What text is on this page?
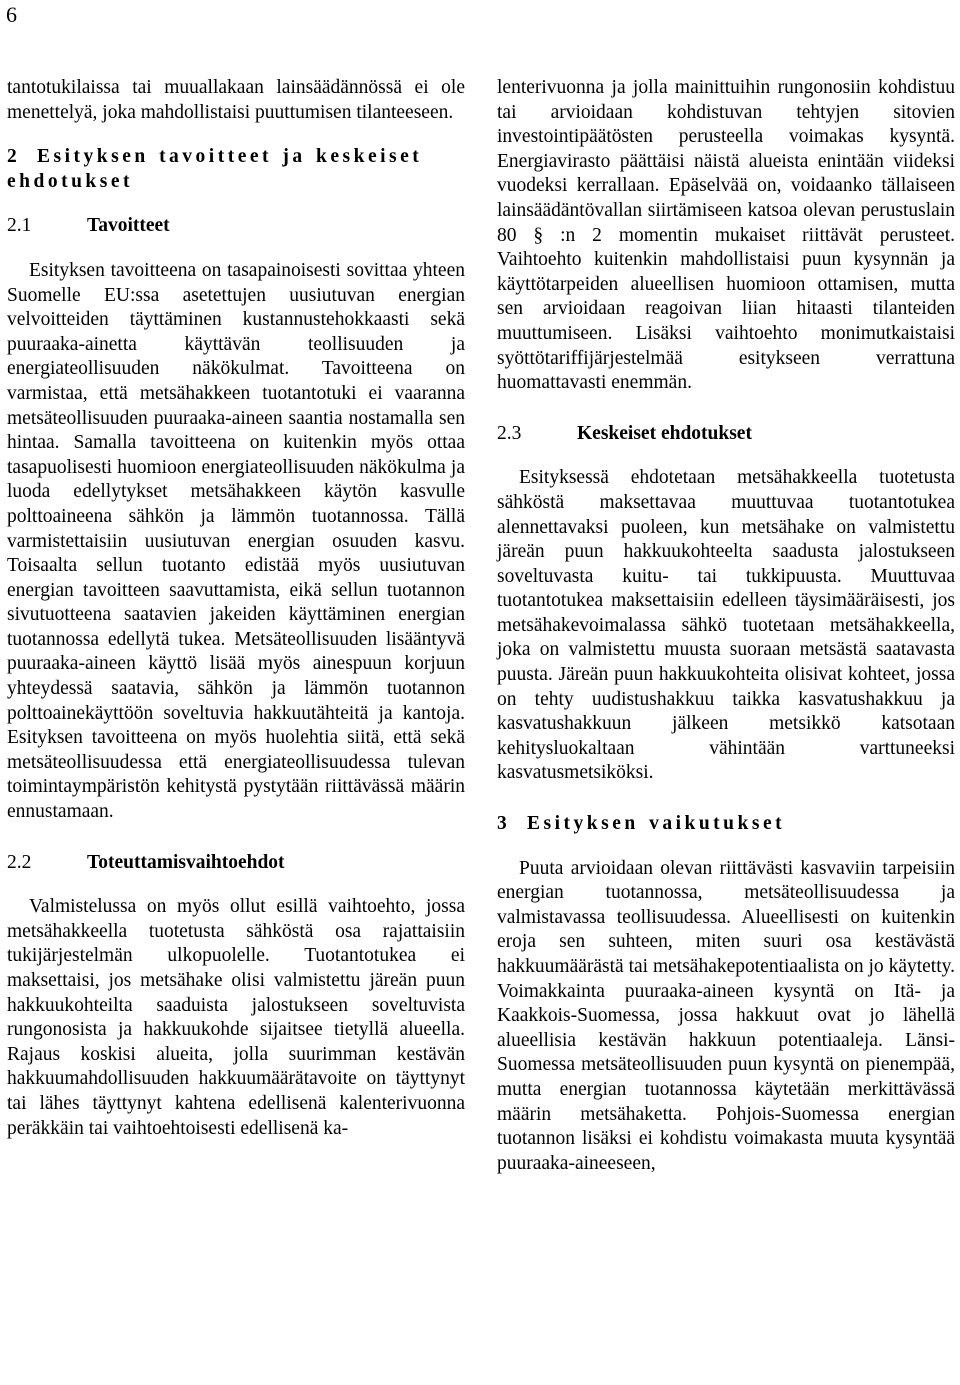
6

tantotukilaissa tai muuallakaan lainsäädännössä ei ole menettelyä, joka mahdollistaisi puuttumisen tilanteeseen.

2 Esityksen tavoitteet ja keskeiset ehdotukset
2.1	Tavoitteet

Esityksen tavoitteena on tasapainoisesti sovittaa yhteen Suomelle EU:ssa asetettujen uusiutuvan energian velvoitteiden täyttäminen kustannustehokkaasti sekä puuraaka-ainetta käyttävän teollisuuden ja energiateollisuuden näkökulmat. Tavoitteena on varmistaa, että metsähakkeen tuotantotuki ei vaaranna metsäteollisuuden puuraaka-aineen saantia nostamalla sen hintaa. Samalla tavoitteena on kuitenkin myös ottaa tasapuolisesti huomioon energiateollisuuden näkökulma ja luoda edellytykset metsähakkeen käytön kasvulle polttoaineena sähkön ja lämmön tuotannossa. Tällä varmistettaisiin uusiutuvan energian osuuden kasvu. Toisaalta sellun tuotanto edistää myös uusiutuvan energian tavoitteen saavuttamista, eikä sellun tuotannon sivutuotteena saatavien jakeiden käyttäminen energian tuotannossa edellytä tukea. Metsäteollisuuden lisääntyvä puuraaka-aineen käyttö lisää myös ainespuun korjuun yhteydessä saatavia, sähkön ja lämmön tuotannon polttoainekäyttöön soveltuvia hakkuutähteitä ja kantoja. Esityksen tavoitteena on myös huolehtia siitä, että sekä metsäteollisuudessa että energiateollisuudessa tulevan toimintaympäristön kehitystä pystytään riittävässä määrin ennustamaan.

2.2	Toteuttamisvaihtoehdot

Valmistelussa on myös ollut esillä vaihtoehto, jossa metsähakkeella tuotetusta sähköstä osa rajattaisiin tukijärjestelmän ulkopuolelle. Tuotantotukea ei maksettaisi, jos metsähake olisi valmistettu järeän puun hakkuukohteilta saaduista jalostukseen soveltuvista rungonosista ja hakkuukohde sijaitsee tietyllä alueella. Rajaus koskisi alueita, jolla suurimman kestävän hakkuumahdollisuuden hakkuumäärätavoite on täyttynyt tai lähes täyttynyt kahtena edellisenä kalenterivuonna peräkkäin tai vaihtoehtoisesti edellisenä ka-

lenterivuonna ja jolla mainittuihin rungonosiin kohdistuu tai arvioidaan kohdistuvan tehtyjen sitovien investointipäätösten perusteella voimakas kysyntä. Energiavirasto päättäisi näistä alueista enintään viideksi vuodeksi kerrallaan. Epäselvää on, voidaanko tällaiseen lainsäädäntövallan siirtämiseen katsoa olevan perustuslain 80 § :n 2 momentin mukaiset riittävät perusteet. Vaihtoehto kuitenkin mahdollistaisi puun kysynnän ja käyttötarpeiden alueellisen huomioon ottamisen, mutta sen arvioidaan reagoivan liian hitaasti tilanteiden muuttumiseen. Lisäksi vaihtoehto monimutkaistaisi syöttötariffijärjestelmää esitykseen verrattuna huomattavasti enemmän.

2.3	Keskeiset ehdotukset

Esityksessä ehdotetaan metsähakkeella tuotetusta sähköstä maksettavaa muuttuvaa tuotantotukea alennettavaksi puoleen, kun metsähake on valmistettu järeän puun hakkuukohteelta saadusta jalostukseen soveltuvasta kuitu- tai tukkipuusta. Muuttuvaa tuotantotukea maksettaisiin edelleen täysimääräisesti, jos metsähakevoimalassa sähkö tuotetaan metsähakkeella, joka on valmistettu muusta suoraan metsästä saatavasta puusta. Järeän puun hakkuukohteita olisivat kohteet, jossa on tehty uudistushakkuu taikka kasvatushakkuu ja kasvatushakkuun jälkeen metsikkö katsotaan kehitysluokaltaan vähintään varttuneeksi kasvatusmetsiköksi.

3 Esityksen vaikutukset

Puuta arvioidaan olevan riittävästi kasvaviin tarpeisiin energian tuotannossa, metsäteollisuudessa ja valmistavassa teollisuudessa. Alueellisesti on kuitenkin eroja sen suhteen, miten suuri osa kestävästä hakkuumäärästä tai metsähakepotentiaalista on jo käytetty. Voimakkainta puuraaka-aineen kysyntä on Itä- ja Kaakkois-Suomessa, jossa hakkuut ovat jo lähellä alueellisia kestävän hakkuun potentiaaleja. Länsi-Suomessa metsäteollisuuden puun kysyntä on pienempää, mutta energian tuotannossa käytetään merkittävässä määrin metsähaketta. Pohjois-Suomessa energian tuotannon lisäksi ei kohdistu voimakasta muuta kysyntää puuraaka-aineeseen,
